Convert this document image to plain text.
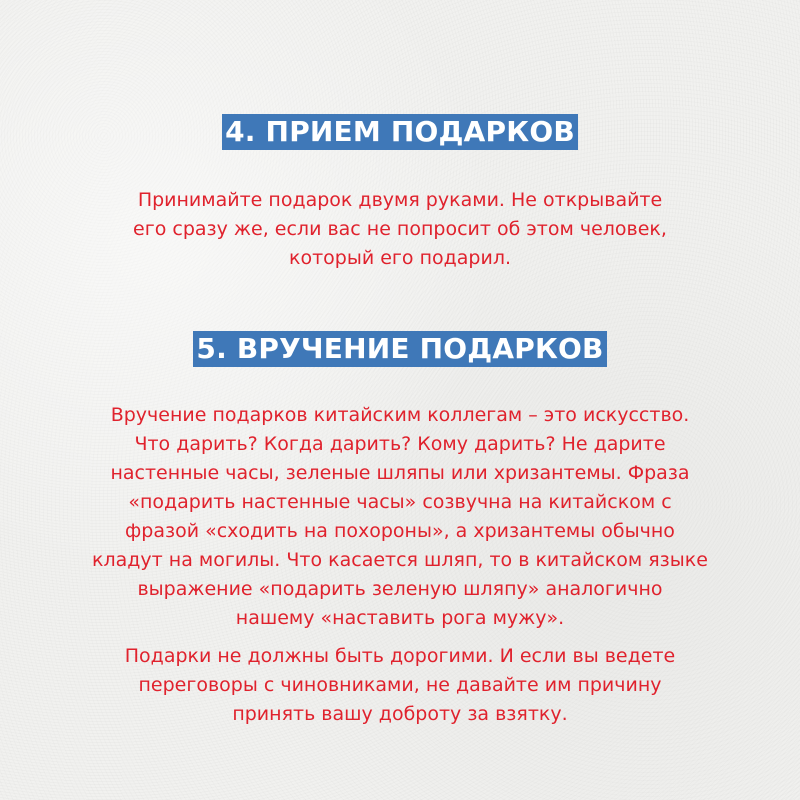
4. ПРИЕМ ПОДАРКОВ

Принимайте подарок двумя руками. Не открывайте
его сразу же, если вас не попросит об этом человек,
который его подарил.

5. ВРУЧЕНИЕ ПОДАРКОВ

Вручение подарков китайским коллегам – это искусство.
Что дарить? Когда дарить? Кому дарить? Не дарите
настенные часы, зеленые шляпы или хризантемы. Фраза
«подарить настенные часы» созвучна на китайском с
фразой «сходить на похороны», а хризантемы обычно
кладут на могилы. Что касается шляп, то в китайском языке
выражение «подарить зеленую шляпу» аналогично
нашему «наставить рога мужу».

Подарки не должны быть дорогими. И если вы ведете
переговоры с чиновниками, не давайте им причину
принять вашу доброту за взятку.
